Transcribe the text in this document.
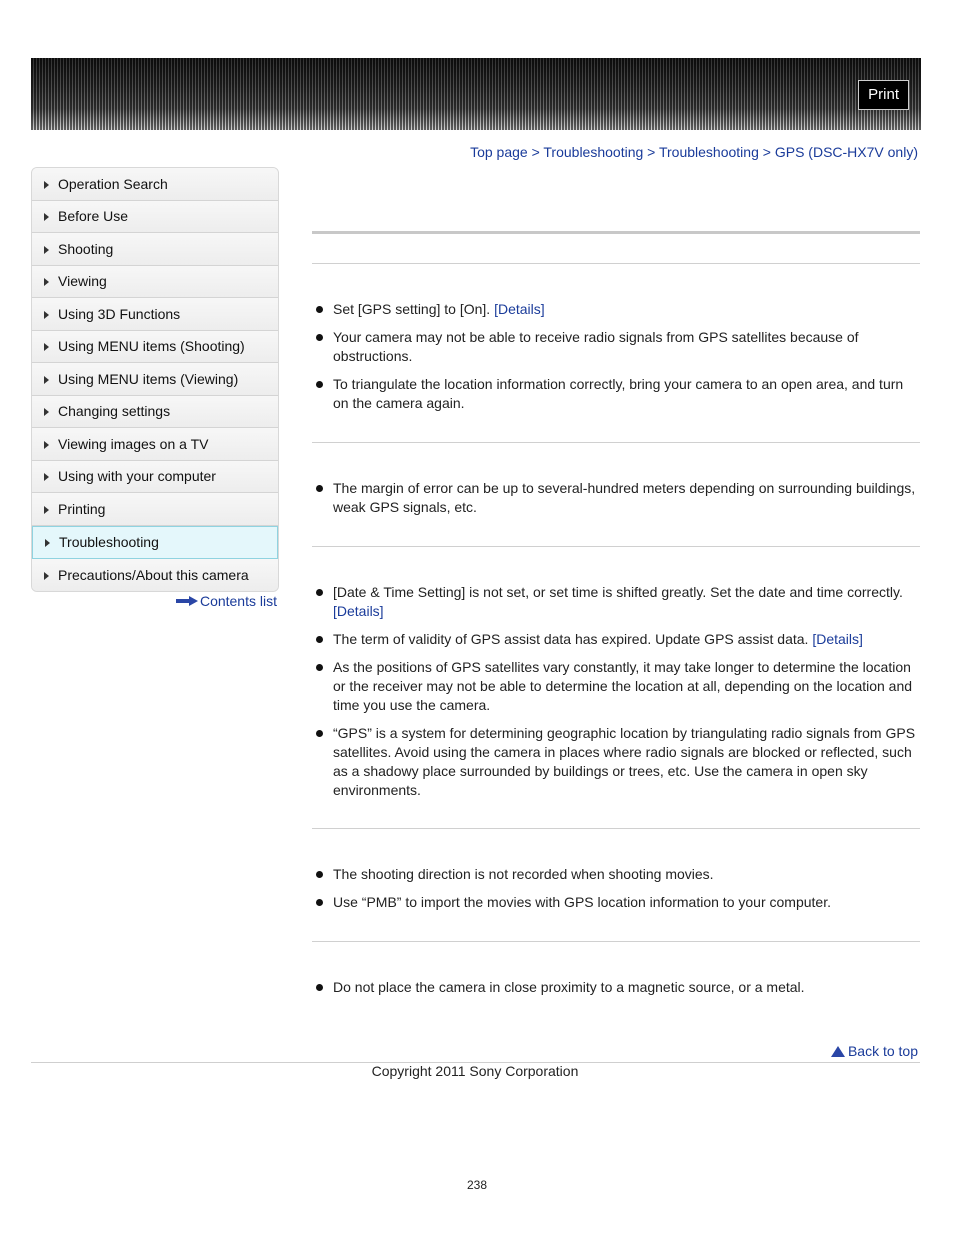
Print
Top page > Troubleshooting > Troubleshooting > GPS (DSC-HX7V only)
Operation Search
Before Use
Shooting
Viewing
Using 3D Functions
Using MENU items (Shooting)
Using MENU items (Viewing)
Changing settings
Viewing images on a TV
Using with your computer
Printing
Troubleshooting
Precautions/About this camera
Contents list
Set [GPS setting] to [On]. [Details]
Your camera may not be able to receive radio signals from GPS satellites because of obstructions.
To triangulate the location information correctly, bring your camera to an open area, and turn on the camera again.
The margin of error can be up to several-hundred meters depending on surrounding buildings, weak GPS signals, etc.
[Date & Time Setting] is not set, or set time is shifted greatly. Set the date and time correctly. [Details]
The term of validity of GPS assist data has expired. Update GPS assist data. [Details]
As the positions of GPS satellites vary constantly, it may take longer to determine the location or the receiver may not be able to determine the location at all, depending on the location and time you use the camera.
“GPS” is a system for determining geographic location by triangulating radio signals from GPS satellites. Avoid using the camera in places where radio signals are blocked or reflected, such as a shadowy place surrounded by buildings or trees, etc. Use the camera in open sky environments.
The shooting direction is not recorded when shooting movies.
Use “PMB” to import the movies with GPS location information to your computer.
Do not place the camera in close proximity to a magnetic source, or a metal.
Back to top
Copyright 2011 Sony Corporation
238
